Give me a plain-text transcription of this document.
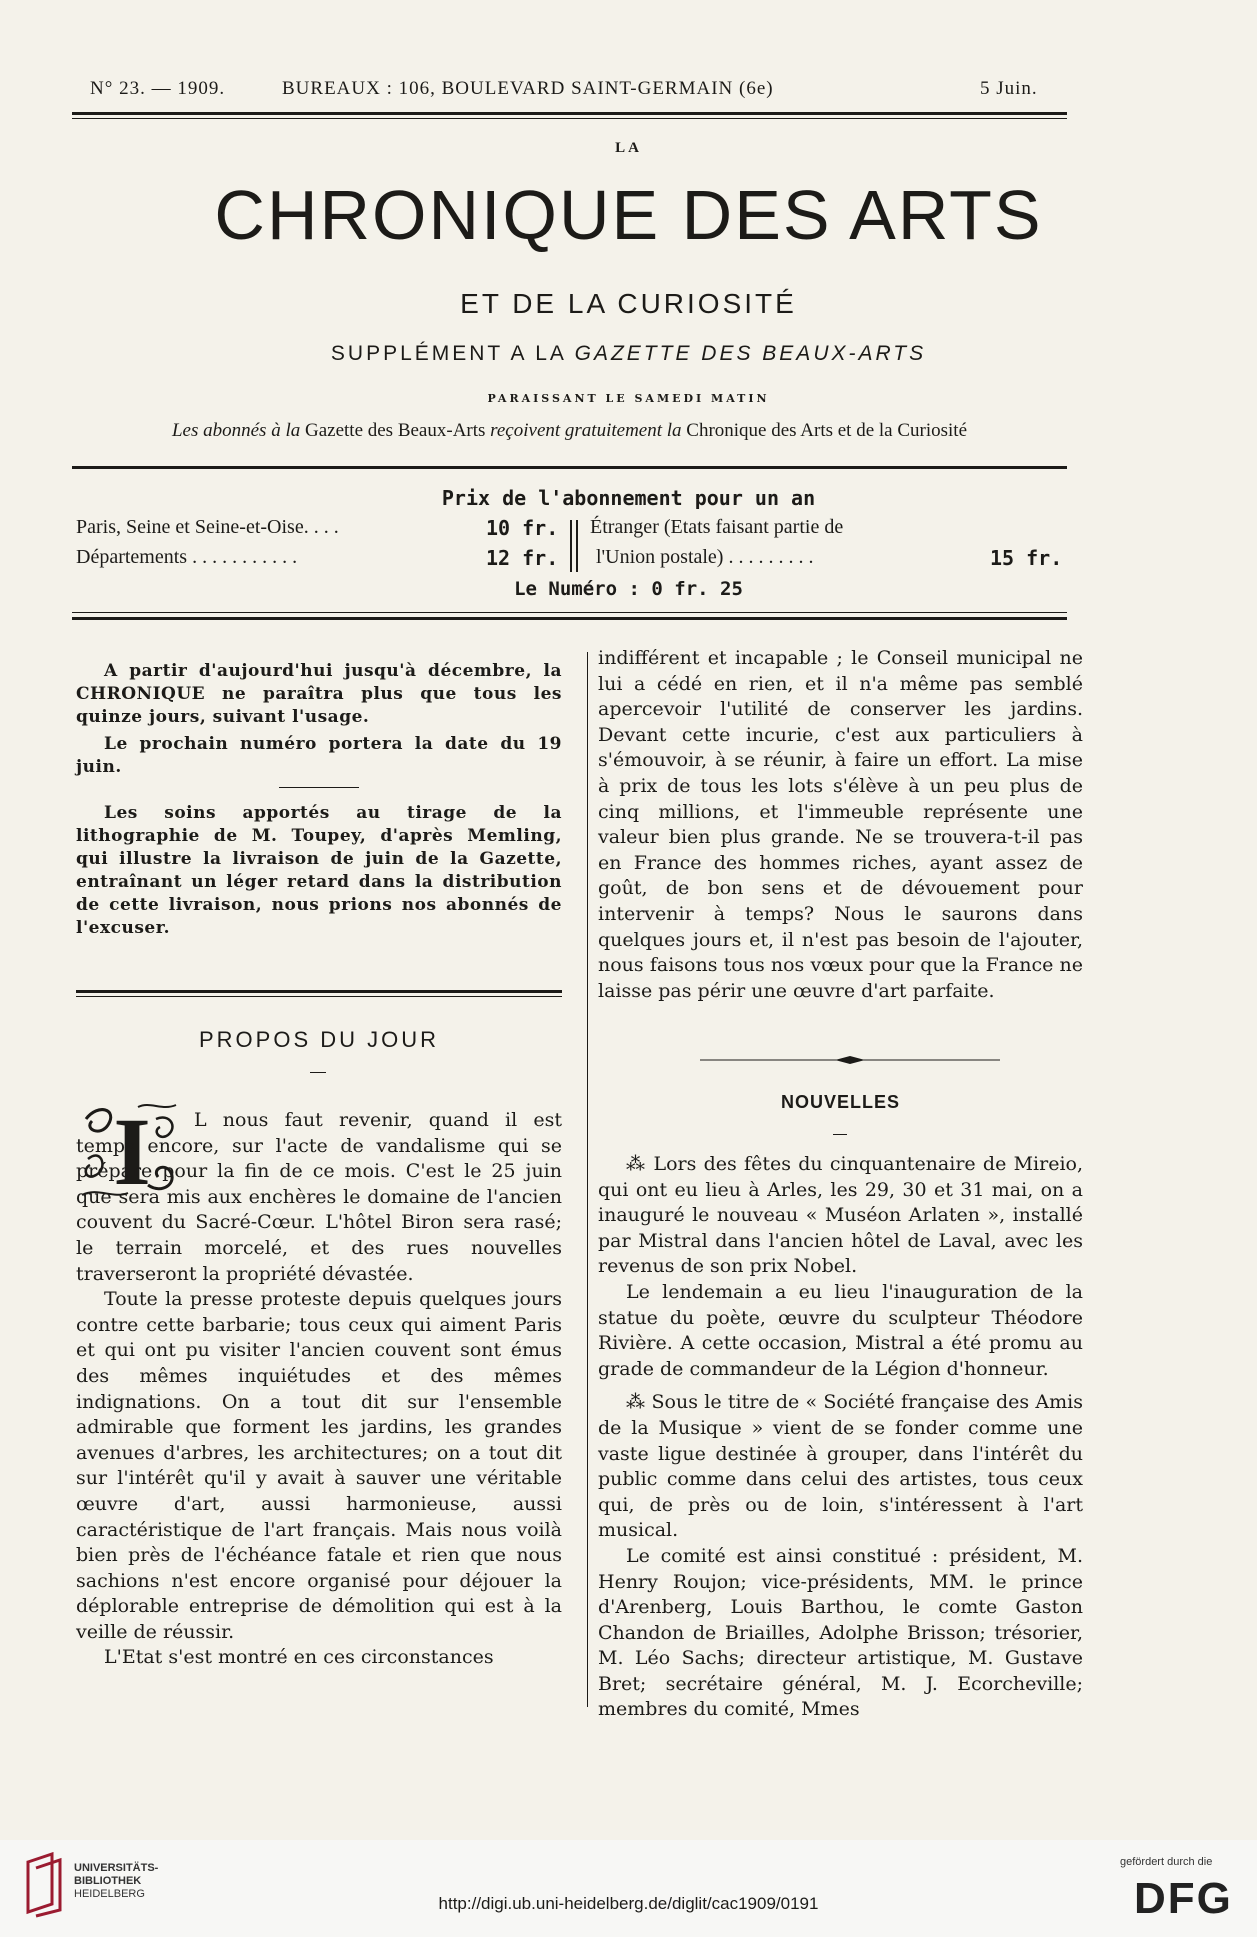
N° 23. — 1909.	BUREAUX : 106, BOULEVARD SAINT-GERMAIN (6e)	5 Juin.
LA
CHRONIQUE DES ARTS
ET DE LA CURIOSITÉ
SUPPLÉMENT A LA GAZETTE DES BEAUX-ARTS
PARAISSANT LE SAMEDI MATIN
Les abonnés à la Gazette des Beaux-Arts reçoivent gratuitement la Chronique des Arts et de la Curiosité
Prix de l'abonnement pour un an
Paris, Seine et Seine-et-Oise. . . .	10 fr.
Départements . . . . . . . . . . .	12 fr.
Étranger (Etats faisant partie de
l'Union postale) . . . . . . . . .	15 fr.
Le Numéro : 0 fr. 25

A partir d'aujourd'hui jusqu'à décembre, la CHRONIQUE ne paraîtra plus que tous les quinze jours, suivant l'usage.

Le prochain numéro portera la date du 19 juin.

Les soins apportés au tirage de la lithographie de M. Toupey, d'après Memling, qui illustre la livraison de juin de la Gazette, entraînant un léger retard dans la distribution de cette livraison, nous prions nos abonnés de l'excuser.

PROPOS DU JOUR
I	L nous faut revenir, quand il est temps encore, sur l'acte de vandalisme qui se prépare pour la fin de ce mois. C'est le 25 juin que sera mis aux enchères le domaine de l'ancien couvent du Sacré-Cœur. L'hôtel Biron sera rasé; le terrain morcelé, et des rues nouvelles traverseront la propriété dévastée.

Toute la presse proteste depuis quelques jours contre cette barbarie; tous ceux qui aiment Paris et qui ont pu visiter l'ancien couvent sont émus des mêmes inquiétudes et des mêmes indignations. On a tout dit sur l'ensemble admirable que forment les jardins, les grandes avenues d'arbres, les architectures; on a tout dit sur l'intérêt qu'il y avait à sauver une véritable œuvre d'art, aussi harmonieuse, aussi caractéristique de l'art français. Mais nous voilà bien près de l'échéance fatale et rien que nous sachions n'est encore organisé pour déjouer la déplorable entreprise de démolition qui est à la veille de réussir.

L'Etat s'est montré en ces circonstances

indifférent et incapable ; le Conseil municipal ne lui a cédé en rien, et il n'a même pas semblé apercevoir l'utilité de conserver les jardins. Devant cette incurie, c'est aux particuliers à s'émouvoir, à se réunir, à faire un effort. La mise à prix de tous les lots s'élève à un peu plus de cinq millions, et l'immeuble représente une valeur bien plus grande. Ne se trouvera-t-il pas en France des hommes riches, ayant assez de goût, de bon sens et de dévouement pour intervenir à temps? Nous le saurons dans quelques jours et, il n'est pas besoin de l'ajouter, nous faisons tous nos vœux pour que la France ne laisse pas périr une œuvre d'art parfaite.

NOUVELLES

⁂ Lors des fêtes du cinquantenaire de Mireio, qui ont eu lieu à Arles, les 29, 30 et 31 mai, on a inauguré le nouveau « Muséon Arlaten », installé par Mistral dans l'ancien hôtel de Laval, avec les revenus de son prix Nobel.

Le lendemain a eu lieu l'inauguration de la statue du poète, œuvre du sculpteur Théodore Rivière. A cette occasion, Mistral a été promu au grade de commandeur de la Légion d'honneur.

⁂ Sous le titre de « Société française des Amis de la Musique » vient de se fonder comme une vaste ligue destinée à grouper, dans l'intérêt du public comme dans celui des artistes, tous ceux qui, de près ou de loin, s'intéressent à l'art musical.

Le comité est ainsi constitué : président, M. Henry Roujon; vice-présidents, MM. le prince d'Arenberg, Louis Barthou, le comte Gaston Chandon de Briailles, Adolphe Brisson; trésorier, M. Léo Sachs; directeur artistique, M. Gustave Bret; secrétaire général, M. J. Ecorcheville; membres du comité, Mmes

UNIVERSITÄTS-
BIBLIOTHEK
HEIDELBERG	http://digi.ub.uni-heidelberg.de/diglit/cac1909/0191
gefördert durch die
DFG
